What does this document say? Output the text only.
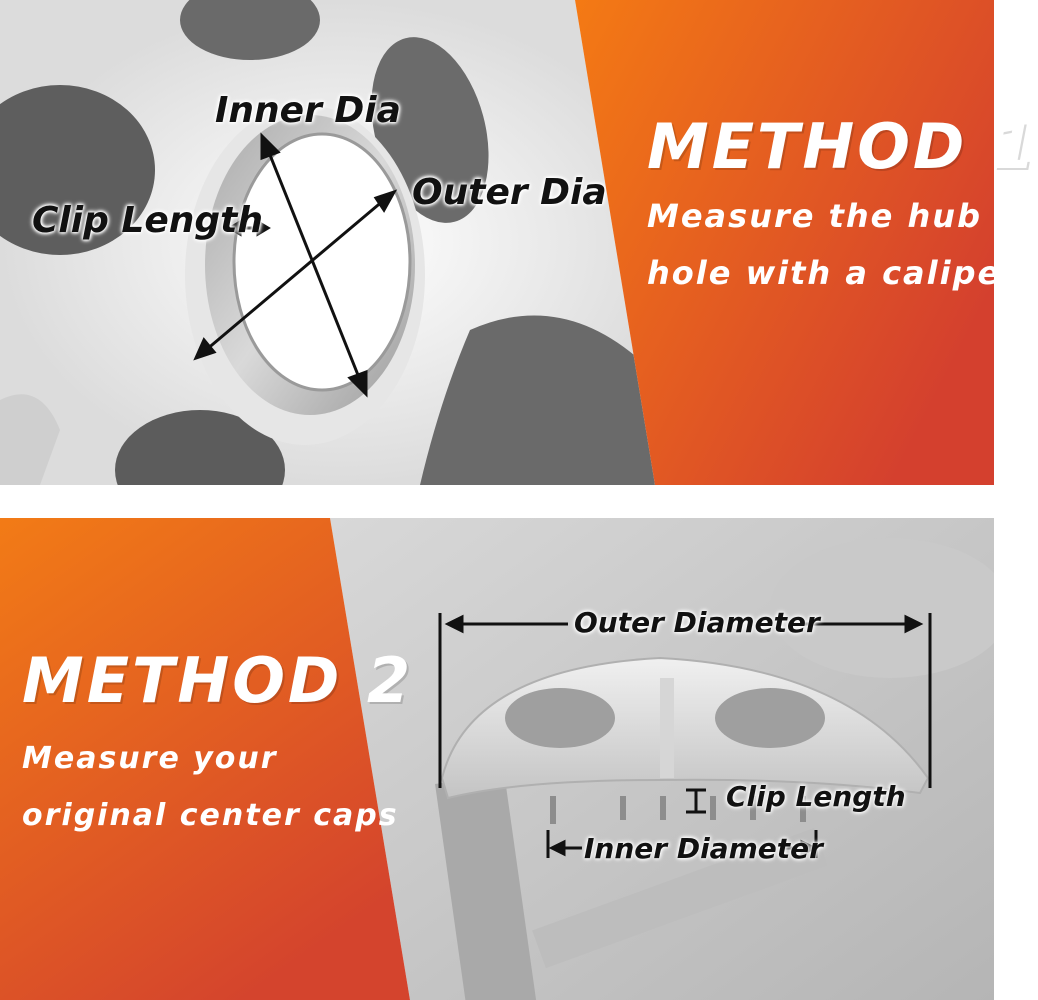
Inner Dia
Outer Dia
Clip Length
METHOD 1
Measure the hub
hole with a caliper
Outer Diameter
Clip Length
Inner Diameter
METHOD 2
Measure your
original center caps
